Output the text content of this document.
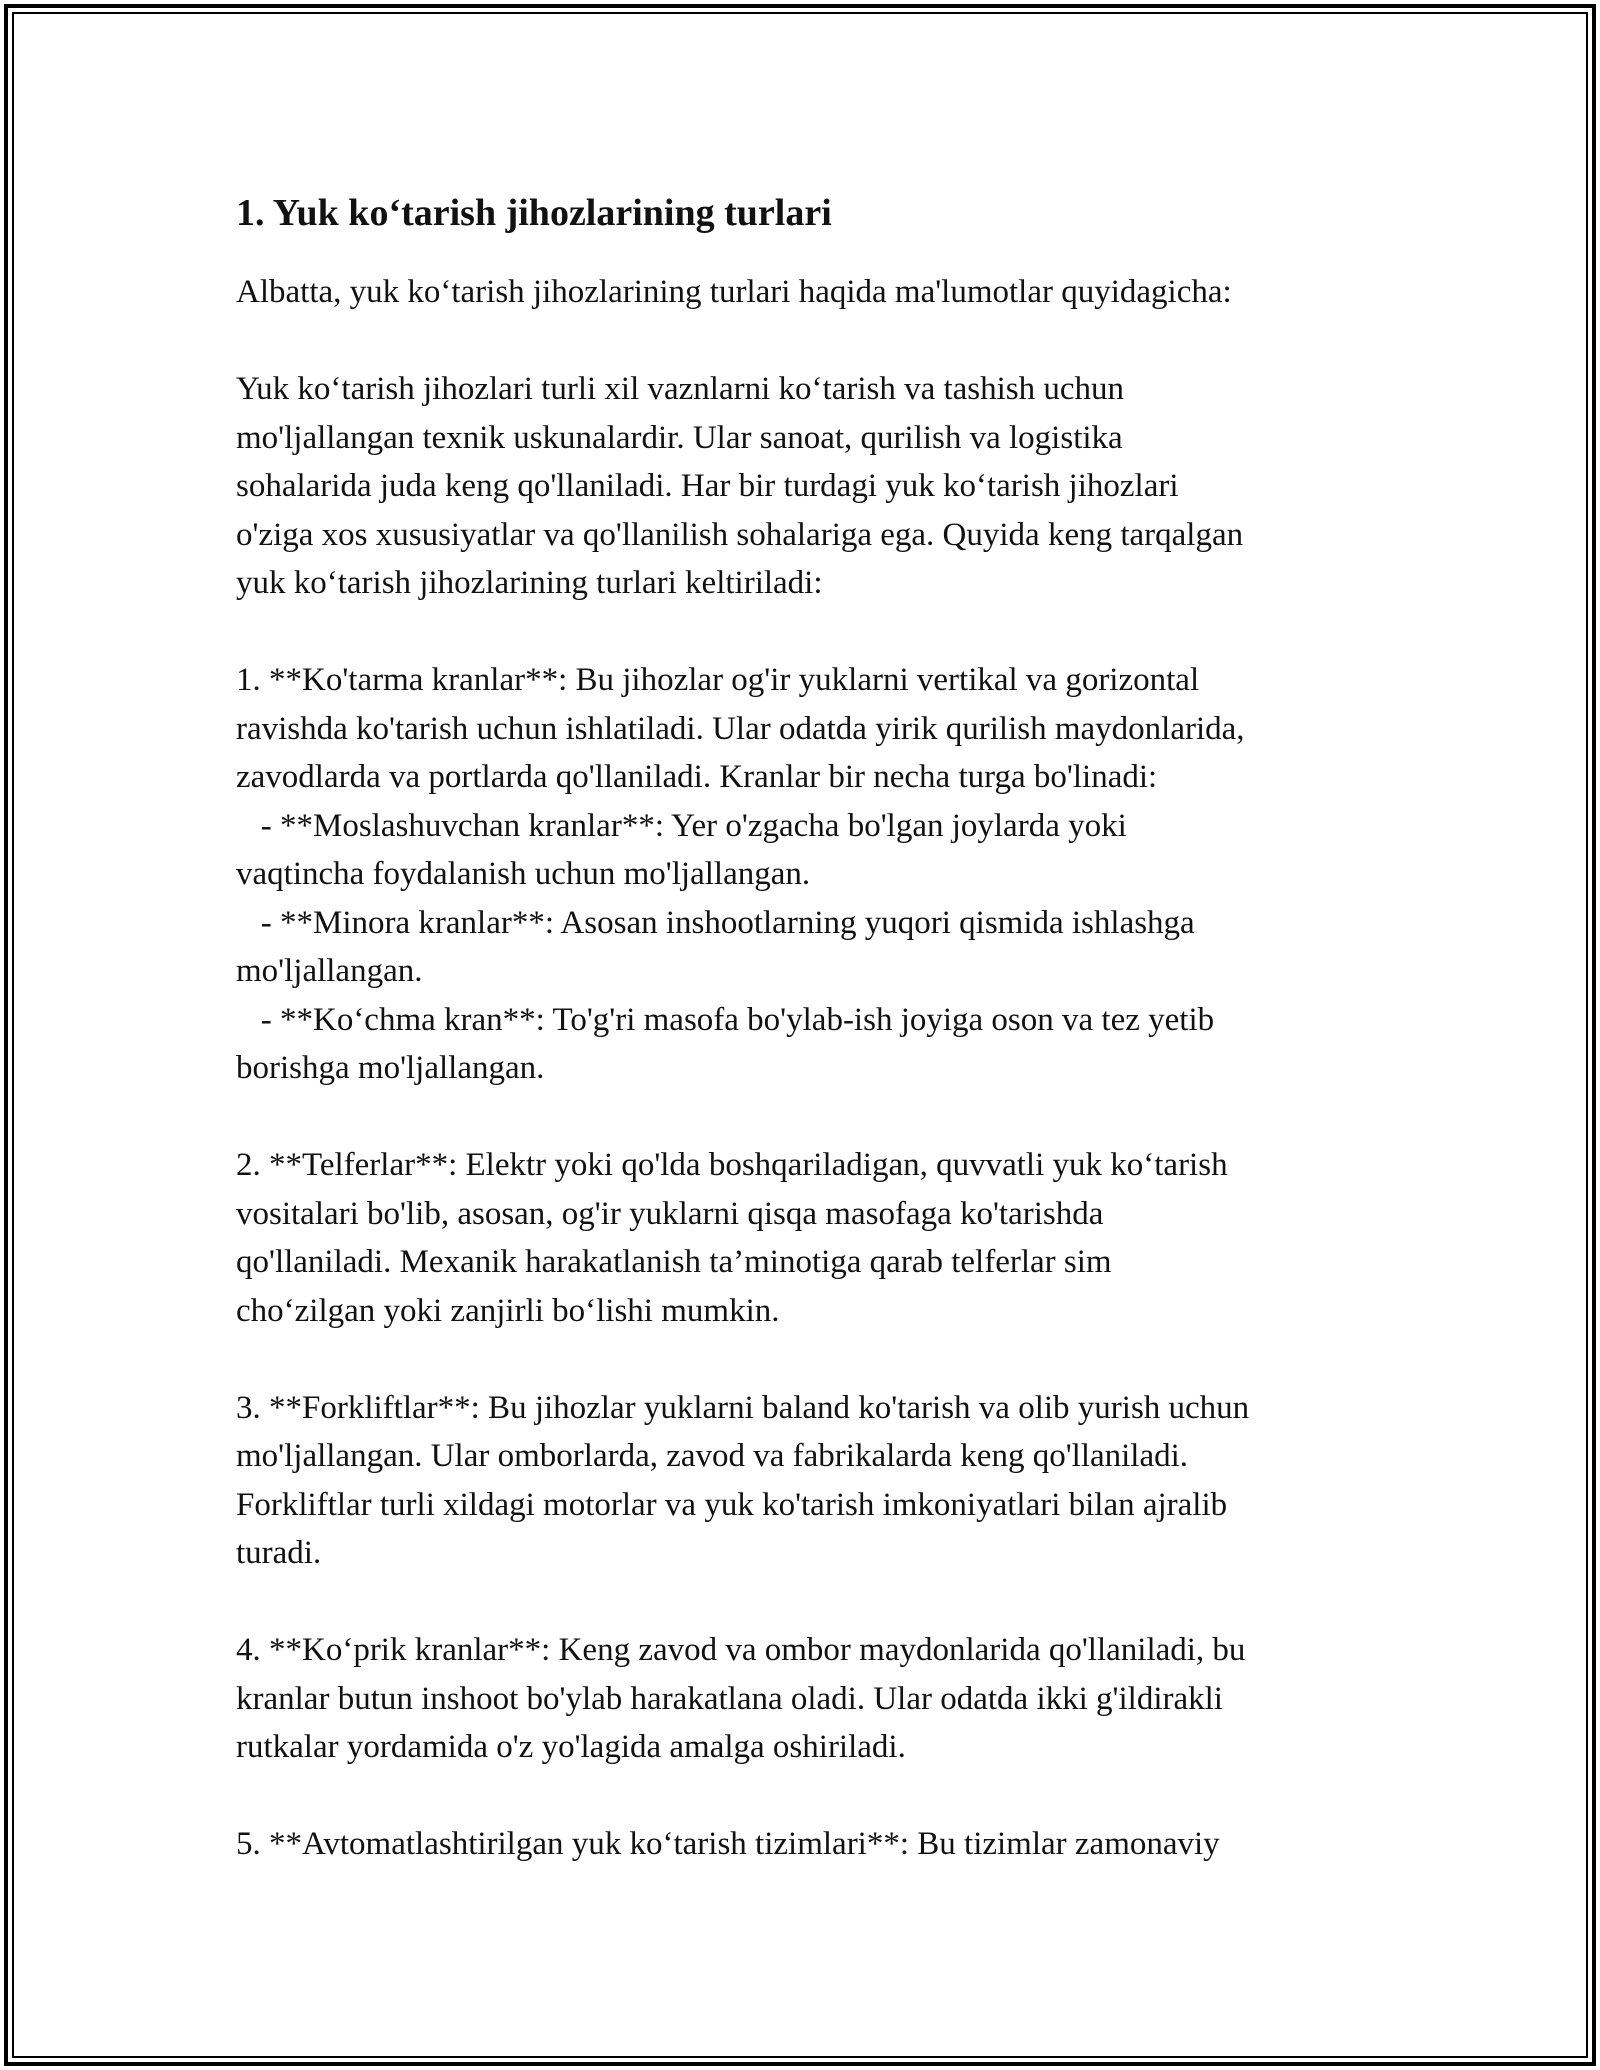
1. Yuk ko‘tarish jihozlarining turlari

Albatta, yuk ko‘tarish jihozlarining turlari haqida ma'lumotlar quyidagicha:

Yuk ko‘tarish jihozlari turli xil vaznlarni ko‘tarish va tashish uchun
mo'ljallangan texnik uskunalardir. Ular sanoat, qurilish va logistika
sohalarida juda keng qo'llaniladi. Har bir turdagi yuk ko‘tarish jihozlari
o'ziga xos xususiyatlar va qo'llanilish sohalariga ega. Quyida keng tarqalgan
yuk ko‘tarish jihozlarining turlari keltiriladi:

1. **Ko'tarma kranlar**: Bu jihozlar og'ir yuklarni vertikal va gorizontal
ravishda ko'tarish uchun ishlatiladi. Ular odatda yirik qurilish maydonlarida,
zavodlarda va portlarda qo'llaniladi. Kranlar bir necha turga bo'linadi:
- **Moslashuvchan kranlar**: Yer o'zgacha bo'lgan joylarda yoki
vaqtincha foydalanish uchun mo'ljallangan.
- **Minora kranlar**: Asosan inshootlarning yuqori qismida ishlashga
mo'ljallangan.
- **Ko‘chma kran**: To'g'ri masofa bo'ylab-ish joyiga oson va tez yetib
borishga mo'ljallangan.

2. **Telferlar**: Elektr yoki qo'lda boshqariladigan, quvvatli yuk ko‘tarish
vositalari bo'lib, asosan, og'ir yuklarni qisqa masofaga ko'tarishda
qo'llaniladi. Mexanik harakatlanish ta’minotiga qarab telferlar sim
cho‘zilgan yoki zanjirli bo‘lishi mumkin.

3. **Forkliftlar**: Bu jihozlar yuklarni baland ko'tarish va olib yurish uchun
mo'ljallangan. Ular omborlarda, zavod va fabrikalarda keng qo'llaniladi.
Forkliftlar turli xildagi motorlar va yuk ko'tarish imkoniyatlari bilan ajralib
turadi.

4. **Ko‘prik kranlar**: Keng zavod va ombor maydonlarida qo'llaniladi, bu
kranlar butun inshoot bo'ylab harakatlana oladi. Ular odatda ikki g'ildirakli
rutkalar yordamida o'z yo'lagida amalga oshiriladi.

5. **Avtomatlashtirilgan yuk ko‘tarish tizimlari**: Bu tizimlar zamonaviy
